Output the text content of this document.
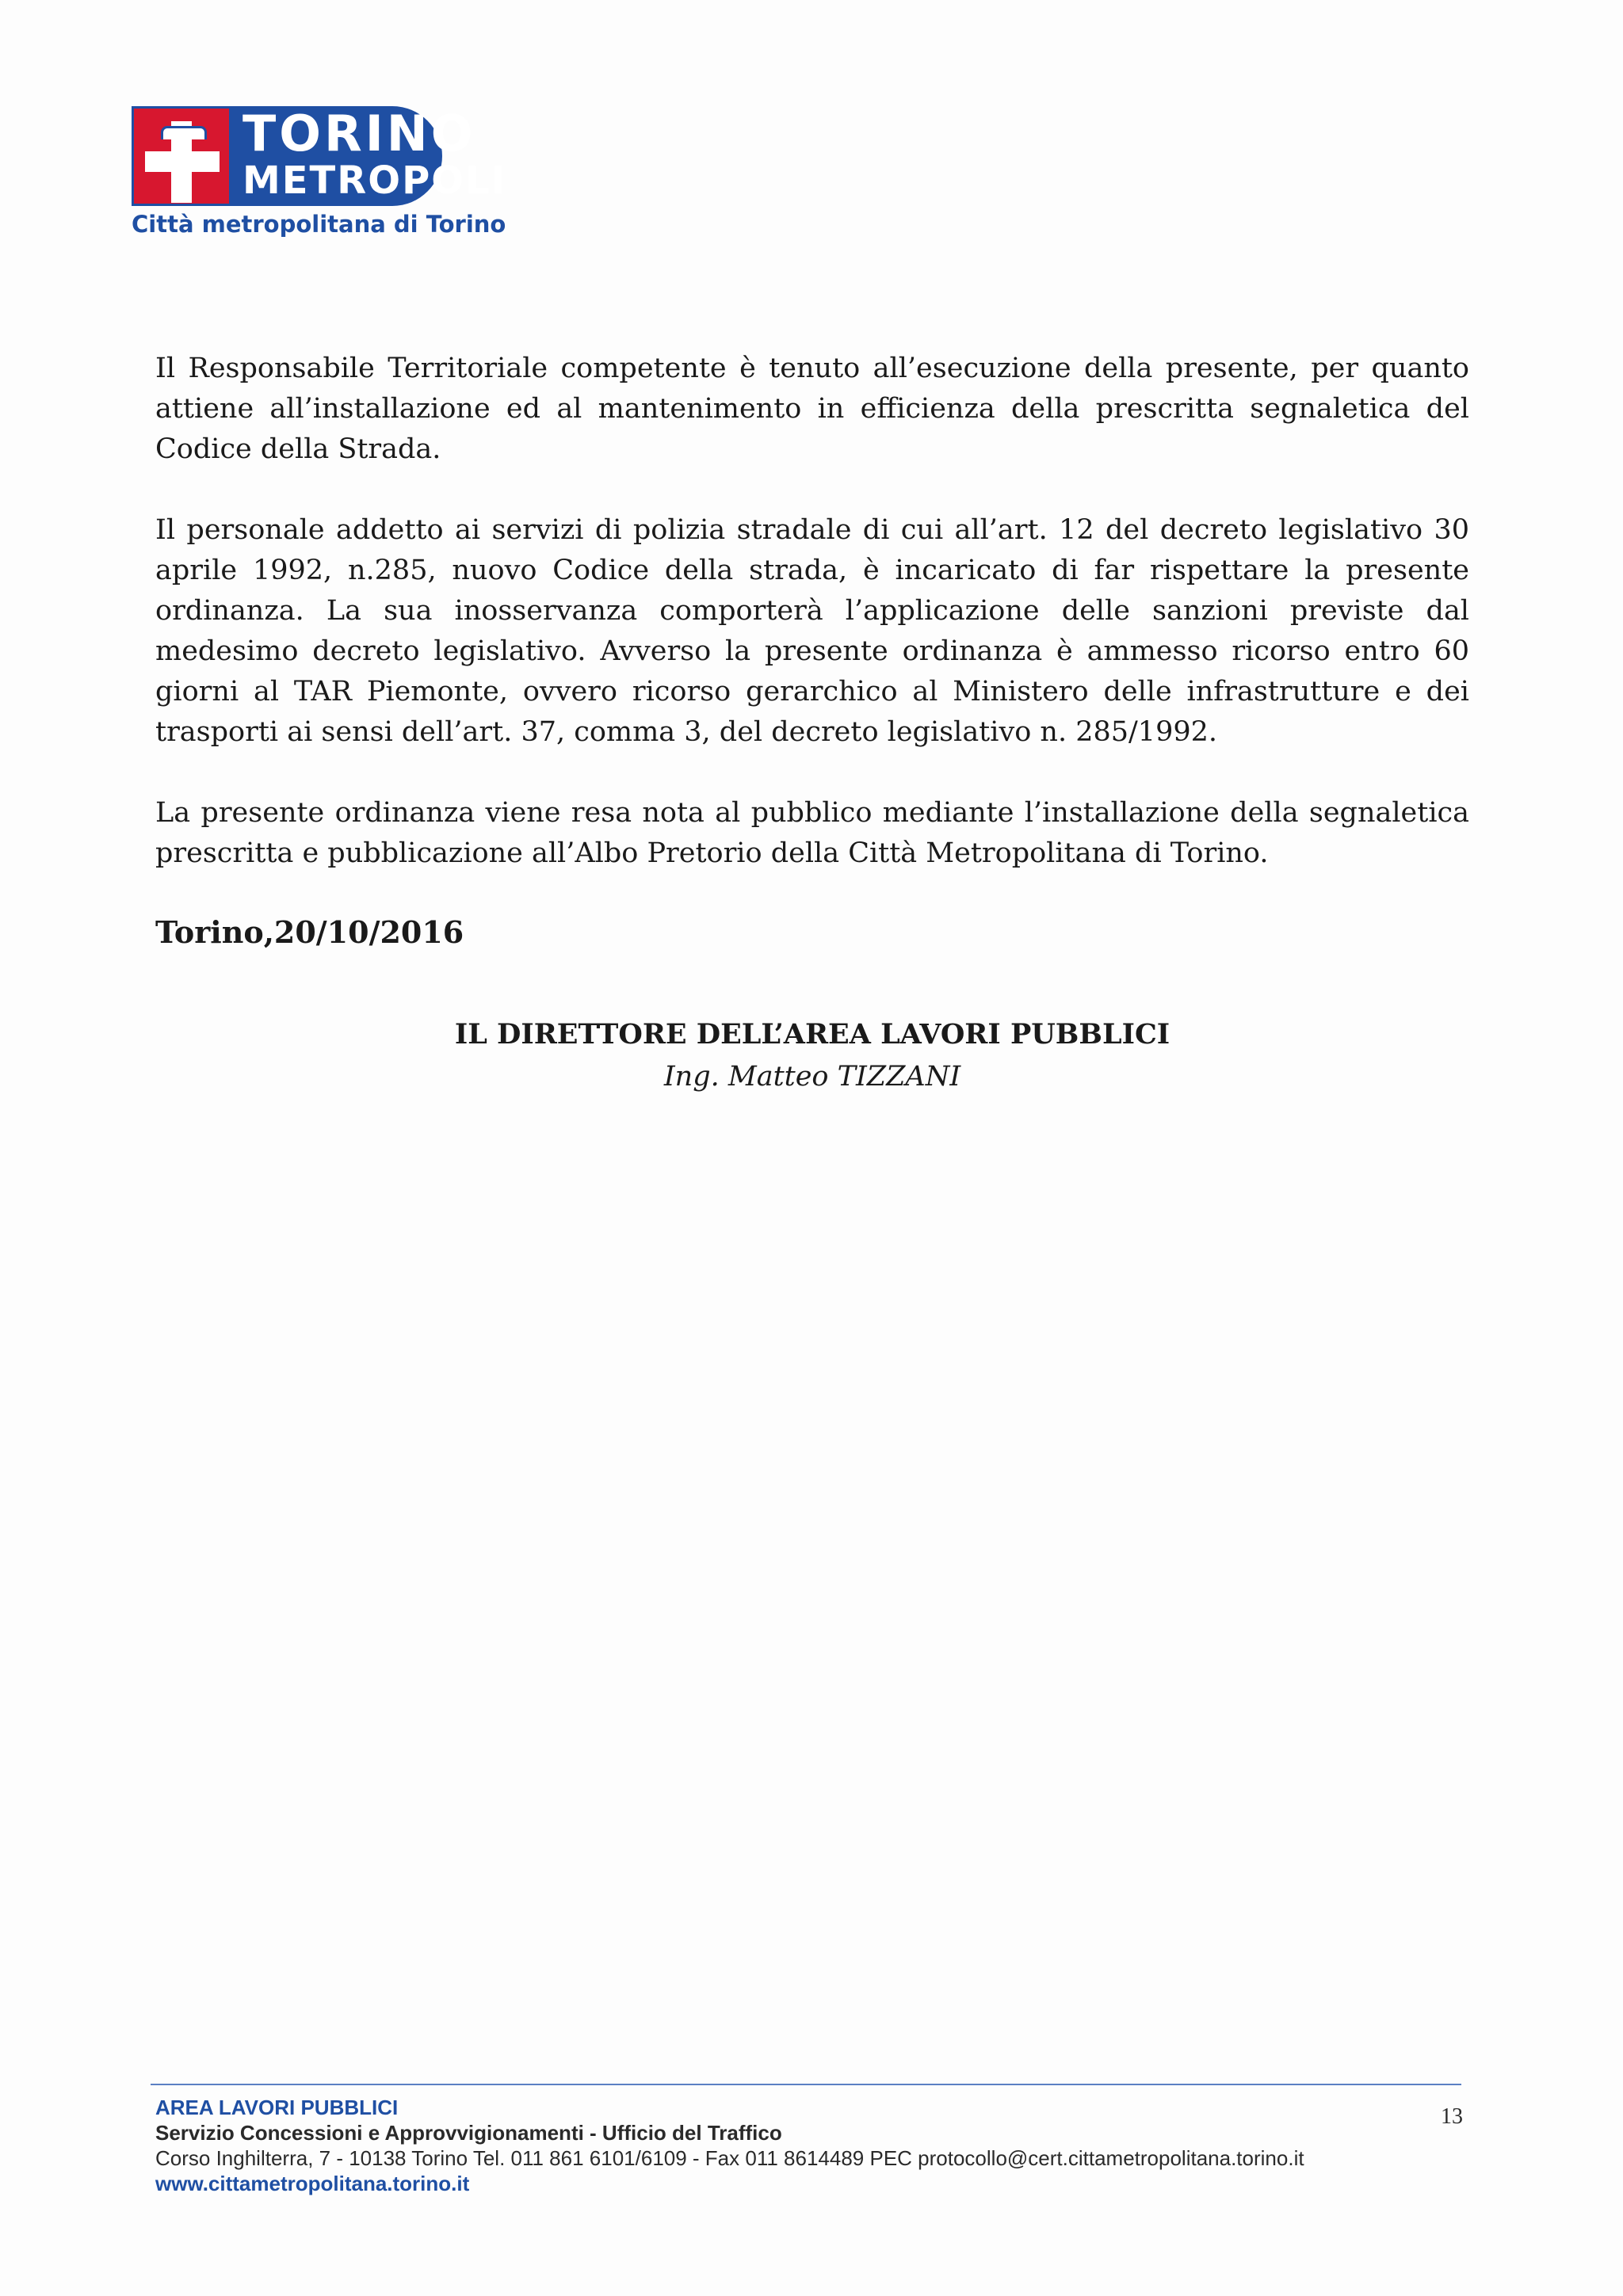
TORINO
METROPOLI
Città metropolitana di Torino

Il Responsabile Territoriale competente è tenuto all’esecuzione della presente, per quanto attiene all’installazione ed al mantenimento in efficienza della prescritta segnaletica del Codice della Strada.

Il personale addetto ai servizi di polizia stradale di cui all’art. 12 del decreto legislativo 30 aprile 1992, n.285, nuovo Codice della strada, è incaricato di far rispettare la presente ordinanza. La sua inosservanza comporterà l’applicazione delle sanzioni previste dal medesimo decreto legislativo. Avverso la presente ordinanza è ammesso ricorso entro 60 giorni al TAR Piemonte, ovvero ricorso gerarchico al Ministero delle infrastrutture e dei trasporti ai sensi dell’art. 37, comma 3, del decreto legislativo n. 285/1992.

La presente ordinanza viene resa nota al pubblico mediante l’installazione della segnaletica prescritta e pubblicazione all’Albo Pretorio della Città Metropolitana di Torino.

Torino,20/10/2016

IL DIRETTORE DELL’AREA LAVORI PUBBLICI
Ing. Matteo TIZZANI
AREA LAVORI PUBBLICI
Servizio Concessioni e Approvvigionamenti - Ufficio del Traffico
Corso Inghilterra, 7 - 10138 Torino Tel. 011 861 6101/6109 - Fax 011 8614489 PEC protocollo@cert.cittametropolitana.torino.it
www.cittametropolitana.torino.it
13
